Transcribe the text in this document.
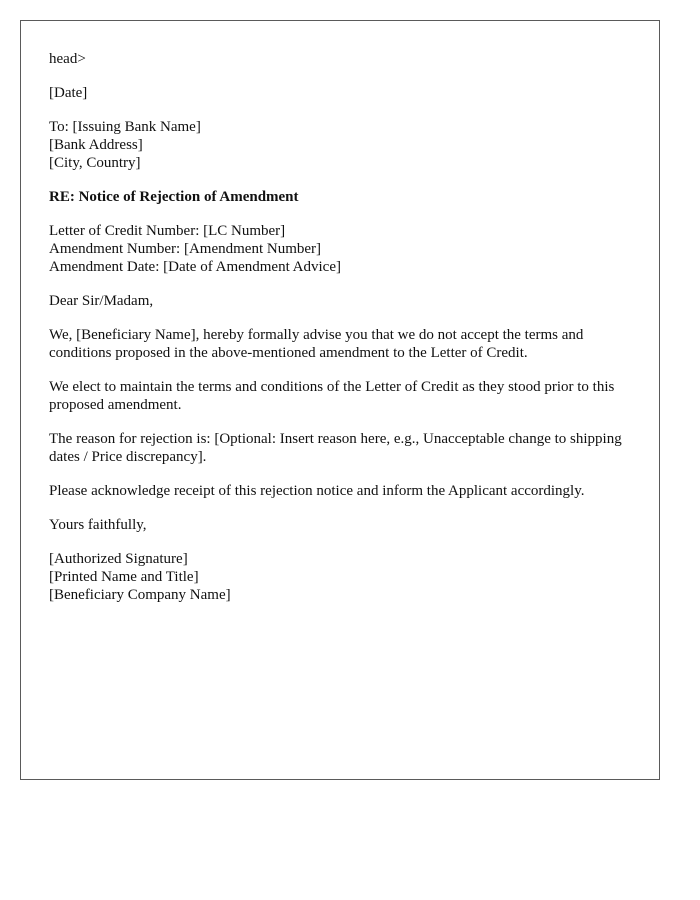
head>

[Date]

To: [Issuing Bank Name]
[Bank Address]
[City, Country]

RE: Notice of Rejection of Amendment

Letter of Credit Number: [LC Number]
Amendment Number: [Amendment Number]
Amendment Date: [Date of Amendment Advice]

Dear Sir/Madam,

We, [Beneficiary Name], hereby formally advise you that we do not accept the terms and conditions proposed in the above-mentioned amendment to the Letter of Credit.

We elect to maintain the terms and conditions of the Letter of Credit as they stood prior to this proposed amendment.

The reason for rejection is: [Optional: Insert reason here, e.g., Unacceptable change to shipping dates / Price discrepancy].

Please acknowledge receipt of this rejection notice and inform the Applicant accordingly.

Yours faithfully,

[Authorized Signature]
[Printed Name and Title]
[Beneficiary Company Name]
